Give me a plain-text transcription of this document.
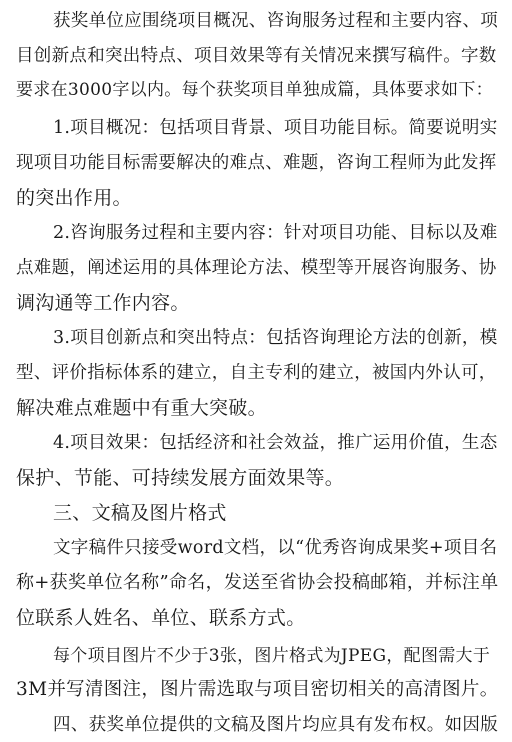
获奖单位应围绕项目概况、咨询服务过程和主要内容、项
目创新点和突出特点、项目效果等有关情况来撰写稿件。字数
要求在3000字以内。每个获奖项目单独成篇，具体要求如下：
1.项目概况：包括项目背景、项目功能目标。简要说明实
现项目功能目标需要解决的难点、难题，咨询工程师为此发挥
的突出作用。
2.咨询服务过程和主要内容：针对项目功能、目标以及难
点难题，阐述运用的具体理论方法、模型等开展咨询服务、协
调沟通等工作内容。
3.项目创新点和突出特点：包括咨询理论方法的创新，模
型、评价指标体系的建立，自主专利的建立，被国内外认可，
解决难点难题中有重大突破。
4.项目效果：包括经济和社会效益，推广运用价值，生态
保护、节能、可持续发展方面效果等。
三、文稿及图片格式
文字稿件只接受word文档，以“优秀咨询成果奖+项目名
称+获奖单位名称”命名，发送至省协会投稿邮箱，并标注单
位联系人姓名、单位、联系方式。
每个项目图片不少于3张，图片格式为JPEG，配图需大于
3M并写清图注，图片需选取与项目密切相关的高清图片。
四、获奖单位提供的文稿及图片均应具有发布权。如因版
